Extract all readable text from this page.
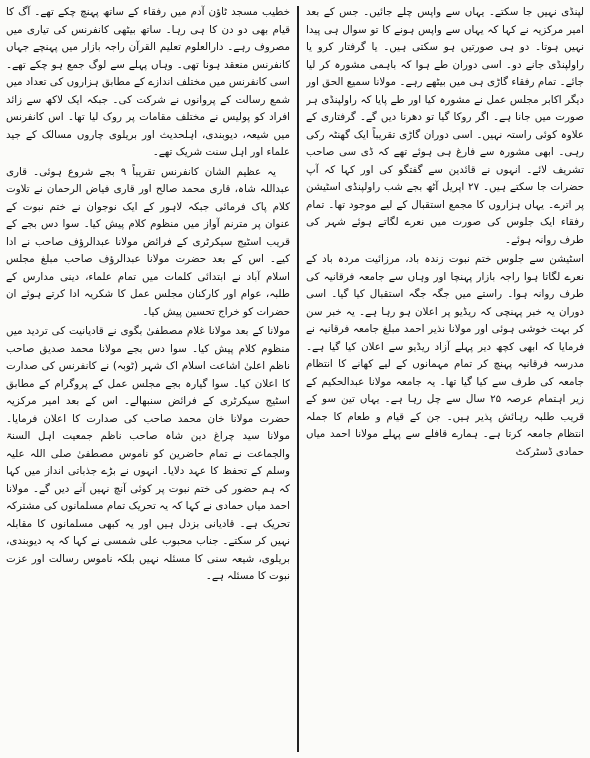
لپنڈی نہیں جا سکتے۔ یہاں سے واپس چلے جائیں۔ جس کے بعد امیر مرکزیہ نے کہا کہ یہاں سے واپس ہونے کا تو سوال ہی پیدا نہیں ہوتا۔ دو ہی صورتیں ہو سکتی ہیں۔ یا گرفتار کرو یا راولپنڈی جانے دو۔ اسی دوران طے ہوا کہ باہمی مشورہ کر لیا جائے۔ تمام رفقاء گاڑی ہی میں بیٹھے رہے۔ مولانا سمیع الحق اور دیگر اکابر مجلس عمل نے مشورہ کیا اور طے پایا کہ راولپنڈی ہر صورت میں جانا ہے۔ اگر روکا گیا تو دھرنا دیں گے۔ گرفتاری کے علاوہ کوئی راستہ نہیں۔ اسی دوران گاڑی تقریباً ایک گھنٹہ رکی رہی۔ ابھی مشورہ سے فارغ ہی ہوئے تھے کہ ڈی سی صاحب تشریف لائے۔ انہوں نے قائدین سے گفتگو کی اور کہا کہ آپ حضرات جا سکتے ہیں۔ ۲۷ اپریل آٹھ بجے شب راولپنڈی اسٹیشن پر اترے۔ یہاں ہزاروں کا مجمع استقبال کے لیے موجود تھا۔ تمام رفقاء ایک جلوس کی صورت میں نعرے لگاتے ہوئے شہر کی طرف روانہ ہوئے۔

اسٹیشن سے جلوس ختم نبوت زندہ باد، مرزائیت مردہ باد کے نعرے لگاتا ہوا راجہ بازار پہنچا اور وہاں سے جامعہ فرقانیہ کی طرف روانہ ہوا۔ راستے میں جگہ جگہ استقبال کیا گیا۔ اسی دوران یہ خبر پہنچی کہ ریڈیو پر اعلان ہو رہا ہے۔ یہ خبر سن کر بہت خوشی ہوئی اور مولانا نذیر احمد مبلغ جامعہ فرقانیہ نے فرمایا کہ ابھی کچھ دیر پہلے آزاد ریڈیو سے اعلان کیا گیا ہے۔ مدرسہ فرقانیہ پہنچ کر تمام مہمانوں کے لیے کھانے کا انتظام جامعہ کی طرف سے کیا گیا تھا۔ یہ جامعہ مولانا عبدالحکیم کے زیر اہتمام عرصہ ۲۵ سال سے چل رہا ہے۔ یہاں تین سو کے قریب طلبہ رہائش پذیر ہیں۔ جن کے قیام و طعام کا جملہ انتظام جامعہ کرتا ہے۔ ہمارے قافلے سے پہلے مولانا احمد میاں حمادی ڈسٹرکٹ

خطیب مسجد ٹاؤن آدم میں رفقاء کے ساتھ پہنچ چکے تھے۔ آگ کا قیام بھی دو دن کا ہی رہا۔ ساتھ بیٹھی کانفرنس کی تیاری میں مصروف رہے۔ دارالعلوم تعلیم القرآن راجہ بازار میں پہنچے جہاں کانفرنس منعقد ہونا تھی۔ وہاں پہلے سے لوگ جمع ہو چکے تھے۔ اسی کانفرنس میں مختلف اندازے کے مطابق ہزاروں کی تعداد میں شمع رسالت کے پروانوں نے شرکت کی۔ جبکہ ایک لاکھ سے زائد افراد کو پولیس نے مختلف مقامات پر روک لیا تھا۔ اس کانفرنس میں شیعہ، دیوبندی، اہلحدیث اور بریلوی چاروں مسالک کے جید علماء اور اہل سنت شریک تھے۔

یہ عظیم الشان کانفرنس تقریباً ۹ بجے شروع ہوئی۔ قاری عبداللہ شاہ، قاری محمد صالح اور قاری فیاض الرحمان نے تلاوت کلام پاک فرمائی جبکہ لاہور کے ایک نوجوان نے ختم نبوت کے عنوان پر مترنم آواز میں منظوم کلام پیش کیا۔ سوا دس بجے کے قریب اسٹیج سیکرٹری کے فرائض مولانا عبدالرؤف صاحب نے ادا کیے۔ اس کے بعد حضرت مولانا عبدالرؤف صاحب مبلغ مجلس اسلام آباد نے ابتدائی کلمات میں تمام علماء، دینی مدارس کے طلبہ، عوام اور کارکنان مجلس عمل کا شکریہ ادا کرتے ہوئے ان حضرات کو خراج تحسین پیش کیا۔

مولانا کے بعد مولانا غلام مصطفیٰ بگوی نے قادیانیت کی تردید میں منظوم کلام پیش کیا۔ سوا دس بجے مولانا محمد صدیق صاحب ناظم اعلیٰ اشاعت اسلام اک شہر (ٹوبہ) نے کانفرنس کی صدارت کا اعلان کیا۔ سوا گیارہ بجے مجلس عمل کے پروگرام کے مطابق اسٹیج سیکرٹری کے فرائض سنبھالے۔ اس کے بعد امیر مرکزیہ حضرت مولانا خان محمد صاحب کی صدارت کا اعلان فرمایا۔ مولانا سید چراغ دین شاہ صاحب ناظم جمعیت اہل السنۃ والجماعت نے تمام حاضرین کو ناموس مصطفیٰ صلی اللہ علیہ وسلم کے تحفظ کا عہد دلایا۔ انہوں نے بڑے جذباتی انداز میں کہا کہ ہم حضور کی ختم نبوت پر کوئی آنچ نہیں آنے دیں گے۔ مولانا احمد میاں حمادی نے کہا کہ یہ تحریک تمام مسلمانوں کی مشترکہ تحریک ہے۔ قادیانی بزدل ہیں اور یہ کبھی مسلمانوں کا مقابلہ نہیں کر سکتے۔ جناب محبوب علی شمسی نے کہا کہ یہ دیوبندی، بریلوی، شیعہ سنی کا مسئلہ نہیں بلکہ ناموس رسالت اور عزت نبوت کا مسئلہ ہے۔
